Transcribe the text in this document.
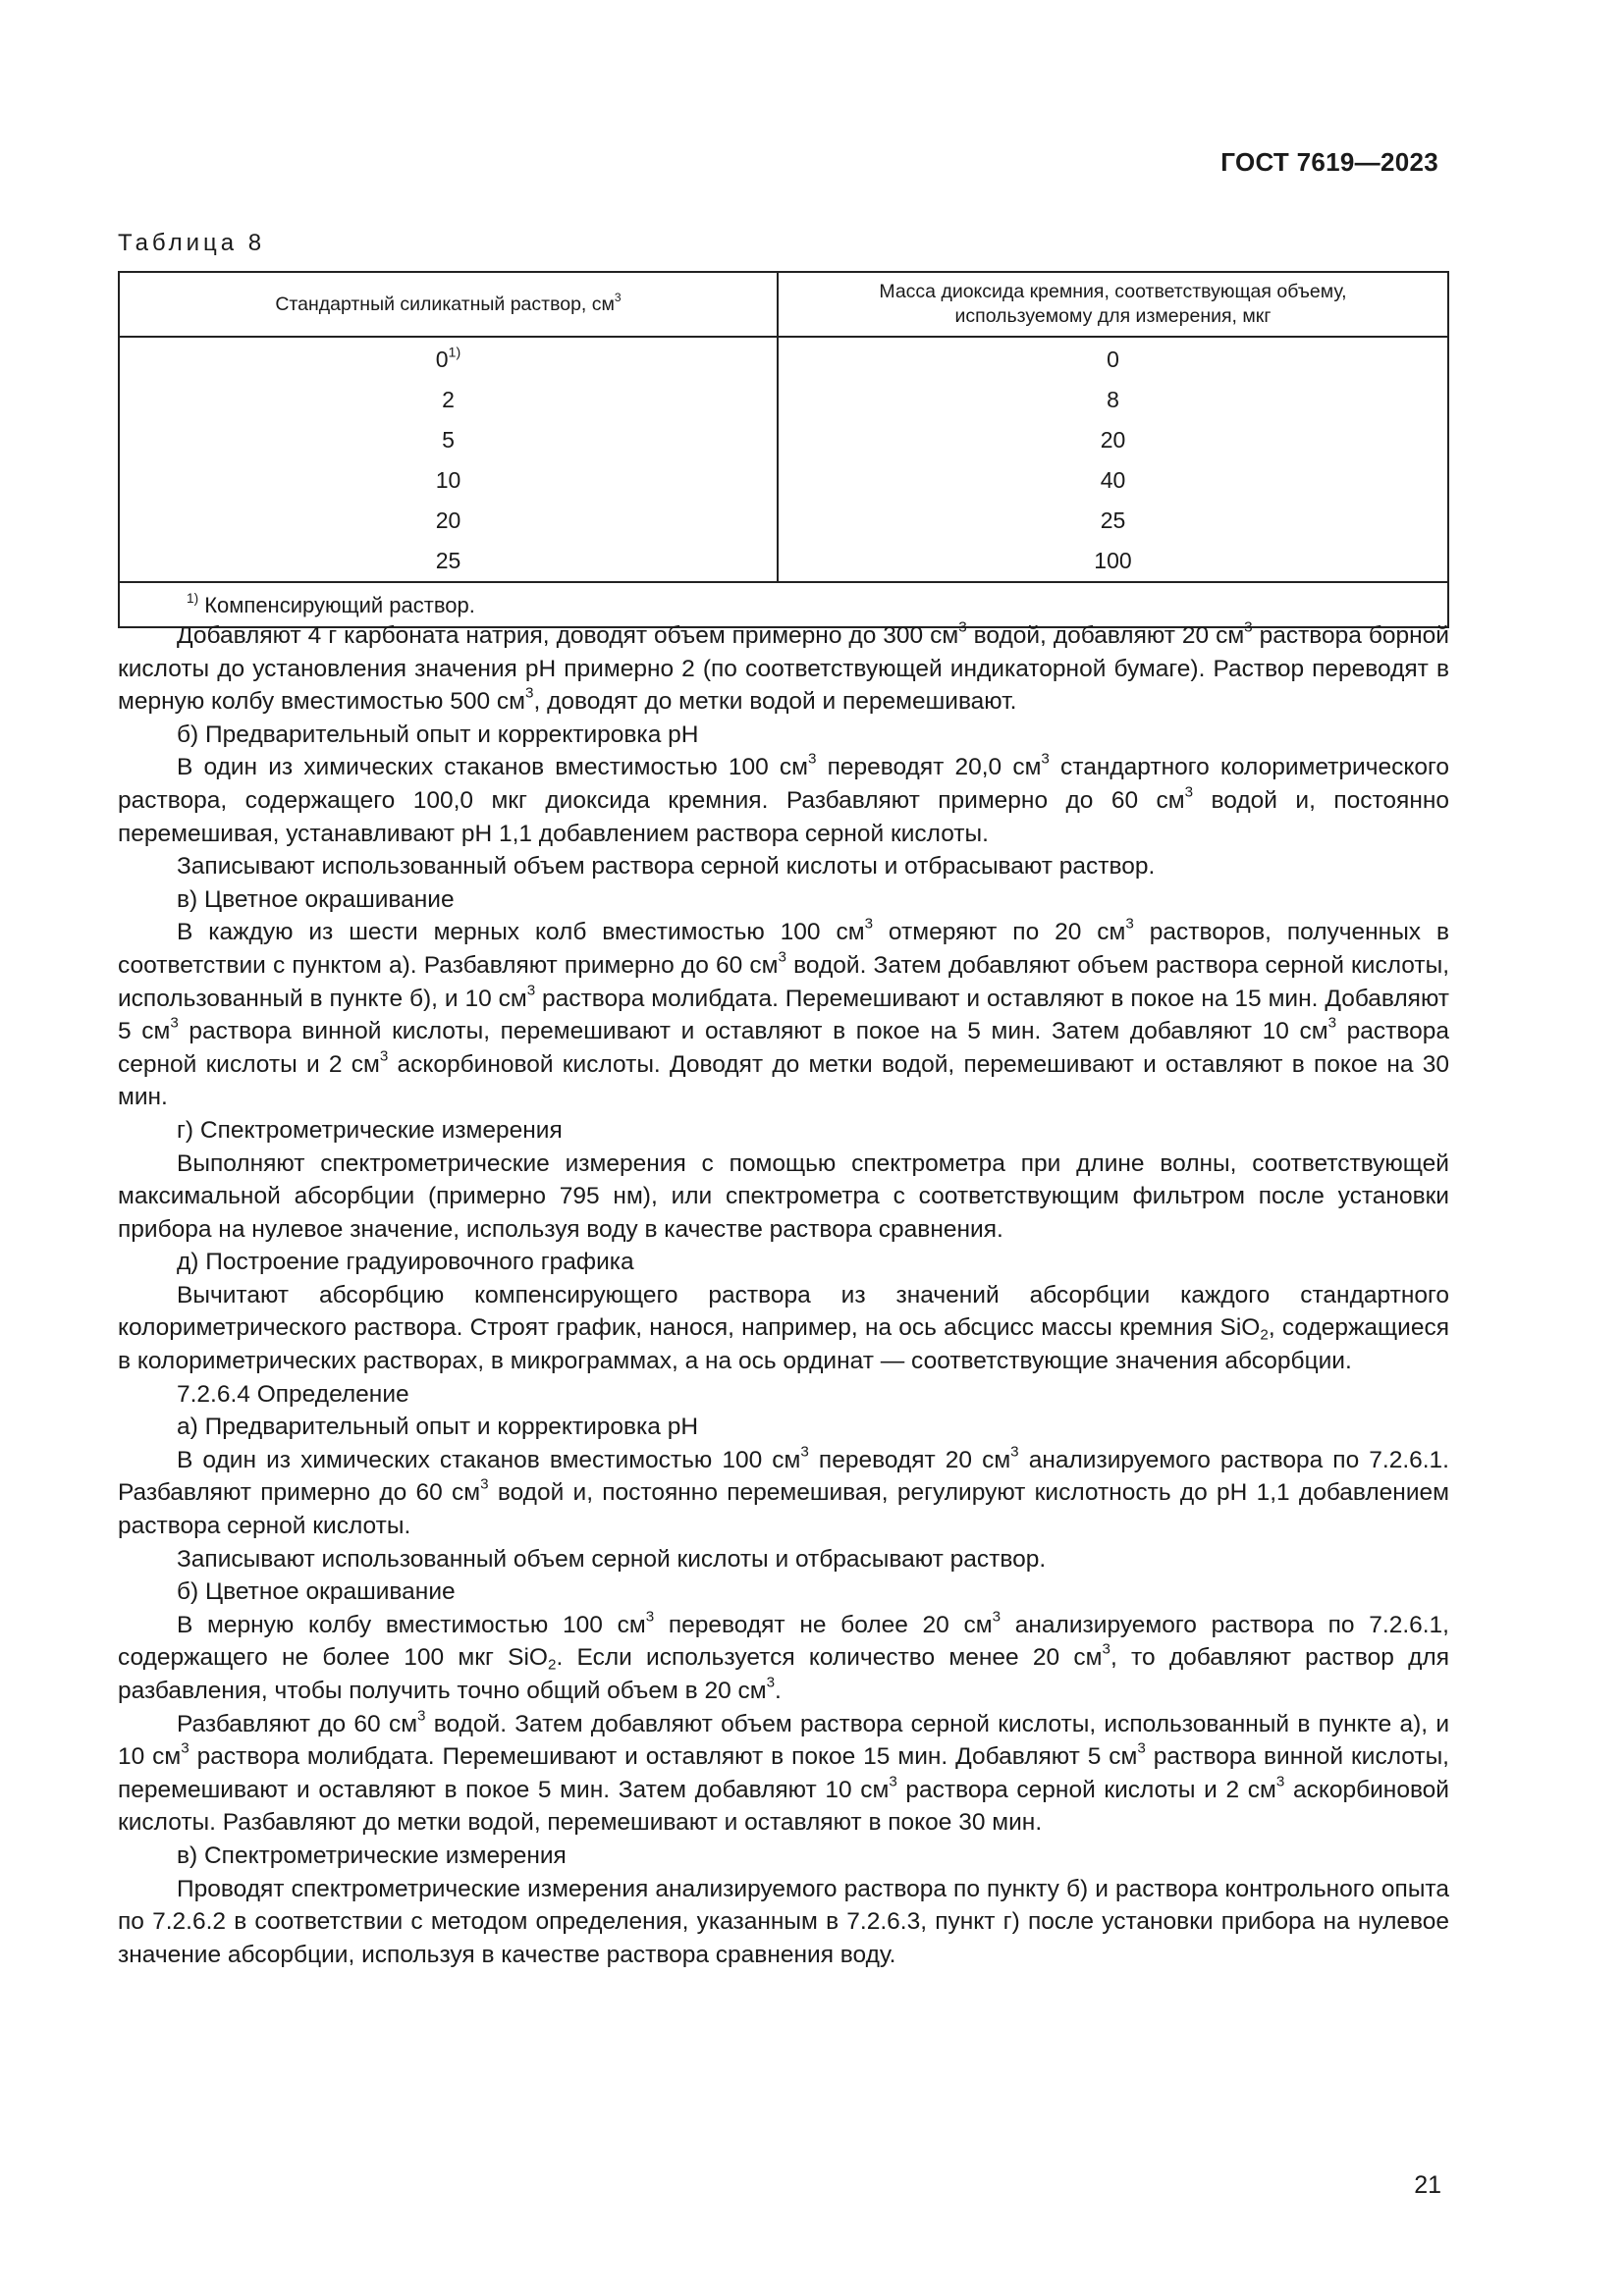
ГОСТ 7619—2023
Таблица 8
Стандартный силикатный раствор, $см^3$	Масса диоксида кремния, соответствующая объему,
используемому для измерения, мкг
0$^{1)}$	0
2	8
5	20
10	40
20	25
25	100
$^{1)}$ Компенсирующий раствор.	

Добавляют 4 г карбоната натрия, доводят объем примерно до 300 $см^3$ водой, добавляют 20 $см^3$ раствора борной кислоты до установления значения pH примерно 2 (по соответствующей индикаторной бумаге). Раствор переводят в мерную колбу вместимостью 500 $см^3$, доводят до метки водой и перемешивают.

б) Предварительный опыт и корректировка pH

В один из химических стаканов вместимостью 100 $см^3$ переводят 20,0 $см^3$ стандартного колориметрического раствора, содержащего 100,0 мкг диоксида кремния. Разбавляют примерно до 60 $см^3$ водой и, постоянно перемешивая, устанавливают pH 1,1 добавлением раствора серной кислоты.

Записывают использованный объем раствора серной кислоты и отбрасывают раствор.

в) Цветное окрашивание

В каждую из шести мерных колб вместимостью 100 $см^3$ отмеряют по 20 $см^3$ растворов, полученных в соответствии с пунктом а). Разбавляют примерно до 60 $см^3$ водой. Затем добавляют объем раствора серной кислоты, использованный в пункте б), и 10 $см^3$ раствора молибдата. Перемешивают и оставляют в покое на 15 мин. Добавляют 5 $см^3$ раствора винной кислоты, перемешивают и оставляют в покое на 5 мин. Затем добавляют 10 $см^3$ раствора серной кислоты и 2 $см^3$ аскорбиновой кислоты. Доводят до метки водой, перемешивают и оставляют в покое на 30 мин.

г) Спектрометрические измерения

Выполняют спектрометрические измерения с помощью спектрометра при длине волны, соответствующей максимальной абсорбции (примерно 795 нм), или спектрометра с соответствующим фильтром после установки прибора на нулевое значение, используя воду в качестве раствора сравнения.

д) Построение градуировочного графика

Вычитают абсорбцию компенсирующего раствора из значений абсорбции каждого стандартного колориметрического раствора. Строят график, нанося, например, на ось абсцисс массы кремния SiO$_2$, содержащиеся в колориметрических растворах, в микрограммах, а на ось ординат — соответствующие значения абсорбции.

7.2.6.4 Определение

а) Предварительный опыт и корректировка pH

В один из химических стаканов вместимостью 100 $см^3$ переводят 20 $см^3$ анализируемого раствора по 7.2.6.1. Разбавляют примерно до 60 $см^3$ водой и, постоянно перемешивая, регулируют кислотность до pH 1,1 добавлением раствора серной кислоты.

Записывают использованный объем серной кислоты и отбрасывают раствор.

б) Цветное окрашивание

В мерную колбу вместимостью 100 $см^3$ переводят не более 20 $см^3$ анализируемого раствора по 7.2.6.1, содержащего не более 100 мкг SiO$_2$. Если используется количество менее 20 $см^3$, то добавляют раствор для разбавления, чтобы получить точно общий объем в 20 $см^3$.

Разбавляют до 60 $см^3$ водой. Затем добавляют объем раствора серной кислоты, использованный в пункте а), и 10 $см^3$ раствора молибдата. Перемешивают и оставляют в покое 15 мин. Добавляют 5 $см^3$ раствора винной кислоты, перемешивают и оставляют в покое 5 мин. Затем добавляют 10 $см^3$ раствора серной кислоты и 2 $см^3$ аскорбиновой кислоты. Разбавляют до метки водой, перемешивают и оставляют в покое 30 мин.

в) Спектрометрические измерения

Проводят спектрометрические измерения анализируемого раствора по пункту б) и раствора контрольного опыта по 7.2.6.2 в соответствии с методом определения, указанным в 7.2.6.3, пункт г) после установки прибора на нулевое значение абсорбции, используя в качестве раствора сравнения воду.

21
